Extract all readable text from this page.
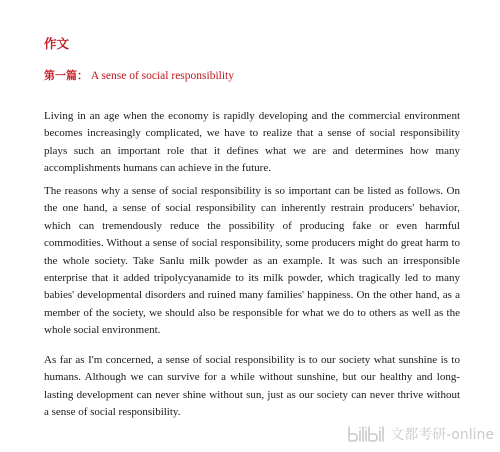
作文
第一篇： A sense of social responsibility

Living in an age when the economy is rapidly developing and the commercial environment becomes increasingly complicated, we have to realize that a sense of social responsibility plays such an important role that it defines what we are and determines how many accomplishments humans can achieve in the future.

The reasons why a sense of social responsibility is so important can be listed as follows. On the one hand, a sense of social responsibility can inherently restrain producers' behavior, which can tremendously reduce the possibility of producing fake or even harmful commodities. Without a sense of social responsibility, some producers might do great harm to the whole society. Take Sanlu milk powder as an example. It was such an irresponsible enterprise that it added tripolycyanamide to its milk powder, which tragically led to many babies' developmental disorders and ruined many families' happiness. On the other hand, as a member of the society, we should also be responsible for what we do to others as well as the whole social environment.

As far as I'm concerned, a sense of social responsibility is to our society what sunshine is to humans. Although we can survive for a while without sunshine, but our healthy and long-lasting development can never shine without sun, just as our society can never thrive without a sense of social responsibility.

文都考研-online
